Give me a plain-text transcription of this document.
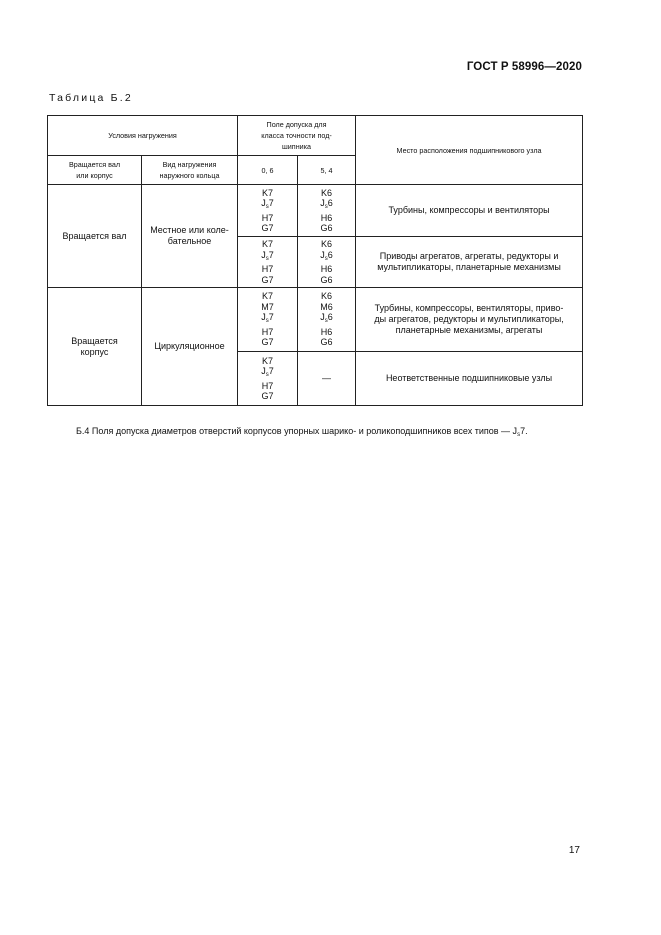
ГОСТ Р 58996—2020
Таблица Б.2
Условия нагружения		Поле допуска для
класса точности под-
шипника		Место расположения подшипникового узла

Вращается вал
или корпус	Вид нагружения
наружного кольца	0, 6	5, 4	

Вращается вал	Местное или коле-
бательное	K7
$J_s7$
H7
G7	K6
$J_s6$
H6
G6	Турбины, компрессоры и вентиляторы

		K7
$J_s7$
H7
G7	K6
$J_s6$
H6
G6	Приводы агрегатов, агрегаты, редукторы и
мультипликаторы, планетарные механизмы

Вращается
корпус	Циркуляционное	K7
M7
$J_s7$
H7
G7	K6
M6
$J_s6$
H6
G6	Турбины, компрессоры, вентиляторы, приво-
ды агрегатов, редукторы и мультипликаторы,
планетарные механизмы, агрегаты

		K7
$J_s7$
H7
G7	—	Неответственные подшипниковые узлы
Б.4 Поля допуска диаметров отверстий корпусов упорных шарико- и роликоподшипников всех типов — $J_s7$.
17
